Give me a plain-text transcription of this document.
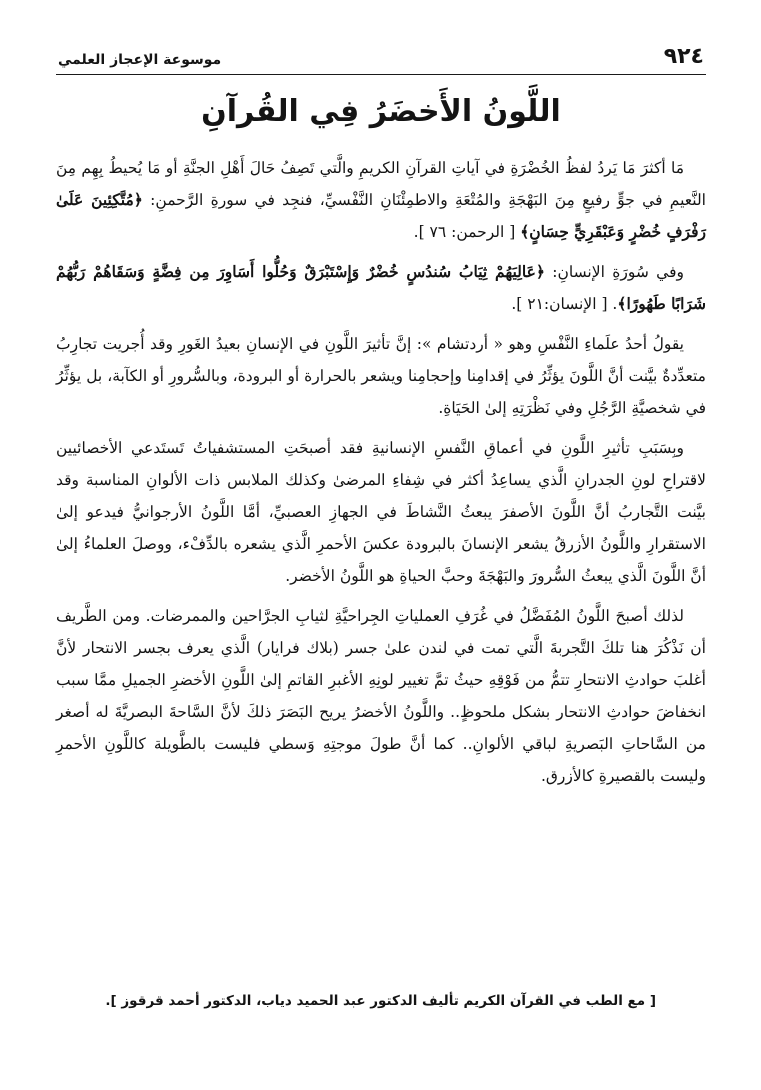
٩٢٤
موسوعة الإعجاز العلمي
اللَّونُ الأَخضَرُ فِي القُرآنِ

مَا أكثرَ مَا يَردُ لفظُ الخُضْرَةِ في آياتِ القرآنِ الكريمِ والَّتي تَصِفُ حَالَ أَهْلِ الجنَّةِ أو مَا يُحيطُ بِهِم مِنَ النَّعيمِ في جوٍّ رفيعٍ مِنَ البَهْجَةِ والمُتْعَةِ والاطمِئْنَانِ النَّفْسيِّ، فنجِد في سورةِ الرَّحمنِ: ﴿مُتَّكِئِينَ عَلَىٰ رَفْرَفٍ خُضْرٍ وَعَبْقَرِيٍّ حِسَانٍ﴾ [ الرحمن: ٧٦ ].

وفي سُورَةِ الإنسانِ: ﴿عَالِيَهُمْ ثِيَابُ سُندُسٍ خُضْرٌ وَإِسْتَبْرَقٌ وَحُلُّوا أَسَاوِرَ مِن فِضَّةٍ وَسَقَاهُمْ رَبُّهُمْ شَرَابًا طَهُورًا﴾. [ الإنسان:٢١ ].

يقولُ أحدُ علَماءِ النَّفْسِ وهو « أردتشام »: إنَّ تأثيرَ اللَّونِ في الإنسانِ بعيدُ الغَورِ وقد أُجريت تجارِبُ متعدِّدةٌ بيَّنت أنَّ اللَّونَ يؤثِّرُ في إقدامِنا وإحجامِنا ويشعر بالحرارة أو البرودة، وبالسُّرورِ أو الكآبة، بل يؤثِّرُ في شخصيَّةِ الرَّجُلِ وفي نَظْرَتِهِ إلىٰ الحَيَاةِ.

وبِسَبَبِ تأثيرِ اللَّونِ في أعماقِ النَّفسِ الإنسانيةِ فقد أصبحَتِ المستشفياتُ تَستَدعي الأخصائيين لاقتراحِ لونِ الجدرانِ الَّذي يساعِدُ أكثر في شِفاءِ المرضىٰ وكذلك الملابس ذات الألوانِ المناسبة وقد بيَّنت التَّجاربُ أنَّ اللَّونَ الأصفرَ يبعثُ النَّشاطَ في الجهازِ العصبيِّ، أمَّا اللَّونُ الأرجوانيُّ فيدعو إلىٰ الاستقرارِ واللَّونُ الأزرقُ يشعر الإنسانَ بالبرودة عكسَ الأحمرِ الَّذي يشعره بالدِّفْء، ووصلَ العلماءُ إلىٰ أنَّ اللَّونَ الَّذي يبعثُ السُّرورَ والبَهْجَةَ وحبَّ الحياةِ هو اللَّونُ الأخضر.

لذلك أصبحَ اللَّونُ المُفَضَّلُ في غُرَفِ العملياتِ الجِراحيَّةِ لثيابِ الجرَّاحين والممرضات. ومن الطَّريف أن نَذْكُرَ هنا تلكَ التَّجربةَ الَّتي تمت في لندن علىٰ جسر (بلاك فرايار) الَّذي يعرف بجسر الانتحار لأنَّ أغلبَ حوادثِ الانتحارِ تتمُّ من فَوْقِهِ حيثُ تمَّ تغيير لونِهِ الأغبرِ القاتمِ إلىٰ اللَّونِ الأخضرِ الجميلِ ممَّا سبب انخفاضَ حوادثِ الانتحار بشكل ملحوظٍ.. واللَّونُ الأخضرُ يريح البَصَرَ ذلكَ لأنَّ السَّاحةَ البصريَّةَ له أصغر من السَّاحاتِ البَصريةِ لباقي الألوانِ.. كما أنَّ طولَ موجتِهِ وَسطي فليست بالطَّويلة كاللَّونِ الأحمرِ وليست بالقصيرةِ كالأزرق.

[ مع الطب في القرآن الكريم تأليف الدكتور عبد الحميد دياب، الدكتور أحمد قرقوز ].
